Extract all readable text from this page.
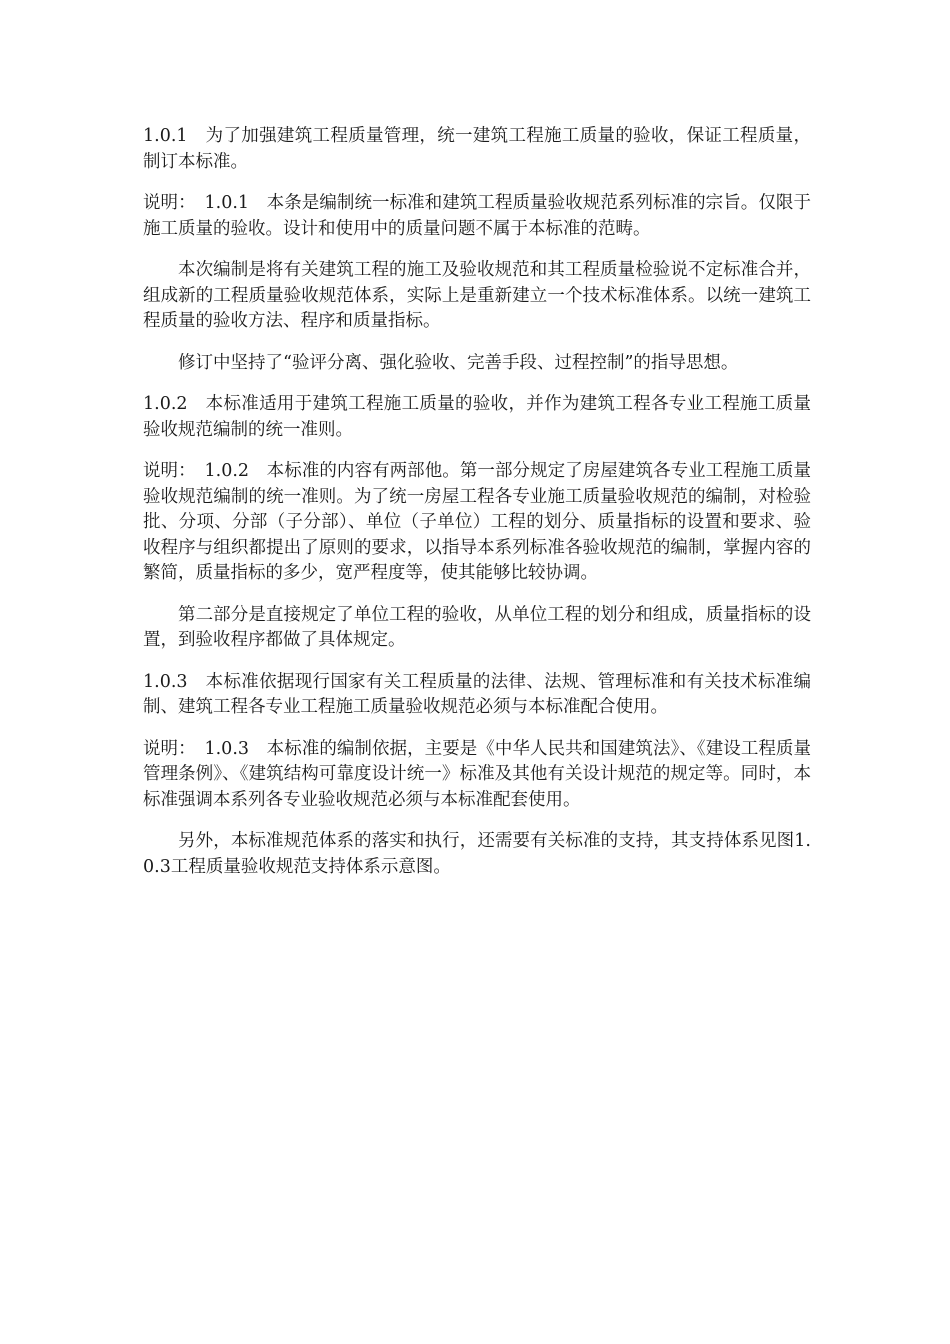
1.0.1　为了加强建筑工程质量管理，统一建筑工程施工质量的验收，保证工程质量，制订本标准。

说明：　1.0.1　本条是编制统一标准和建筑工程质量验收规范系列标准的宗旨。仅限于施工质量的验收。设计和使用中的质量问题不属于本标准的范畴。

本次编制是将有关建筑工程的施工及验收规范和其工程质量检验说不定标准合并，组成新的工程质量验收规范体系，实际上是重新建立一个技术标准体系。以统一建筑工程质量的验收方法、程序和质量指标。

修订中坚持了“验评分离、强化验收、完善手段、过程控制”的指导思想。

1.0.2　本标准适用于建筑工程施工质量的验收，并作为建筑工程各专业工程施工质量验收规范编制的统一准则。

说明：　1.0.2　本标准的内容有两部他。第一部分规定了房屋建筑各专业工程施工质量验收规范编制的统一准则。为了统一房屋工程各专业施工质量验收规范的编制，对检验批、分项、分部（子分部）、单位（子单位）工程的划分、质量指标的设置和要求、验收程序与组织都提出了原则的要求，以指导本系列标准各验收规范的编制，掌握内容的繁简，质量指标的多少，宽严程度等，使其能够比较协调。

第二部分是直接规定了单位工程的验收，从单位工程的划分和组成，质量指标的设置，到验收程序都做了具体规定。

1.0.3　本标准依据现行国家有关工程质量的法律、法规、管理标准和有关技术标准编制、建筑工程各专业工程施工质量验收规范必须与本标准配合使用。

说明：　1.0.3　本标准的编制依据，主要是《中华人民共和国建筑法》、《建设工程质量管理条例》、《建筑结构可靠度设计统一》标准及其他有关设计规范的规定等。同时，本标准强调本系列各专业验收规范必须与本标准配套使用。

另外，本标准规范体系的落实和执行，还需要有关标准的支持，其支持体系见图1.0.3工程质量验收规范支持体系示意图。
